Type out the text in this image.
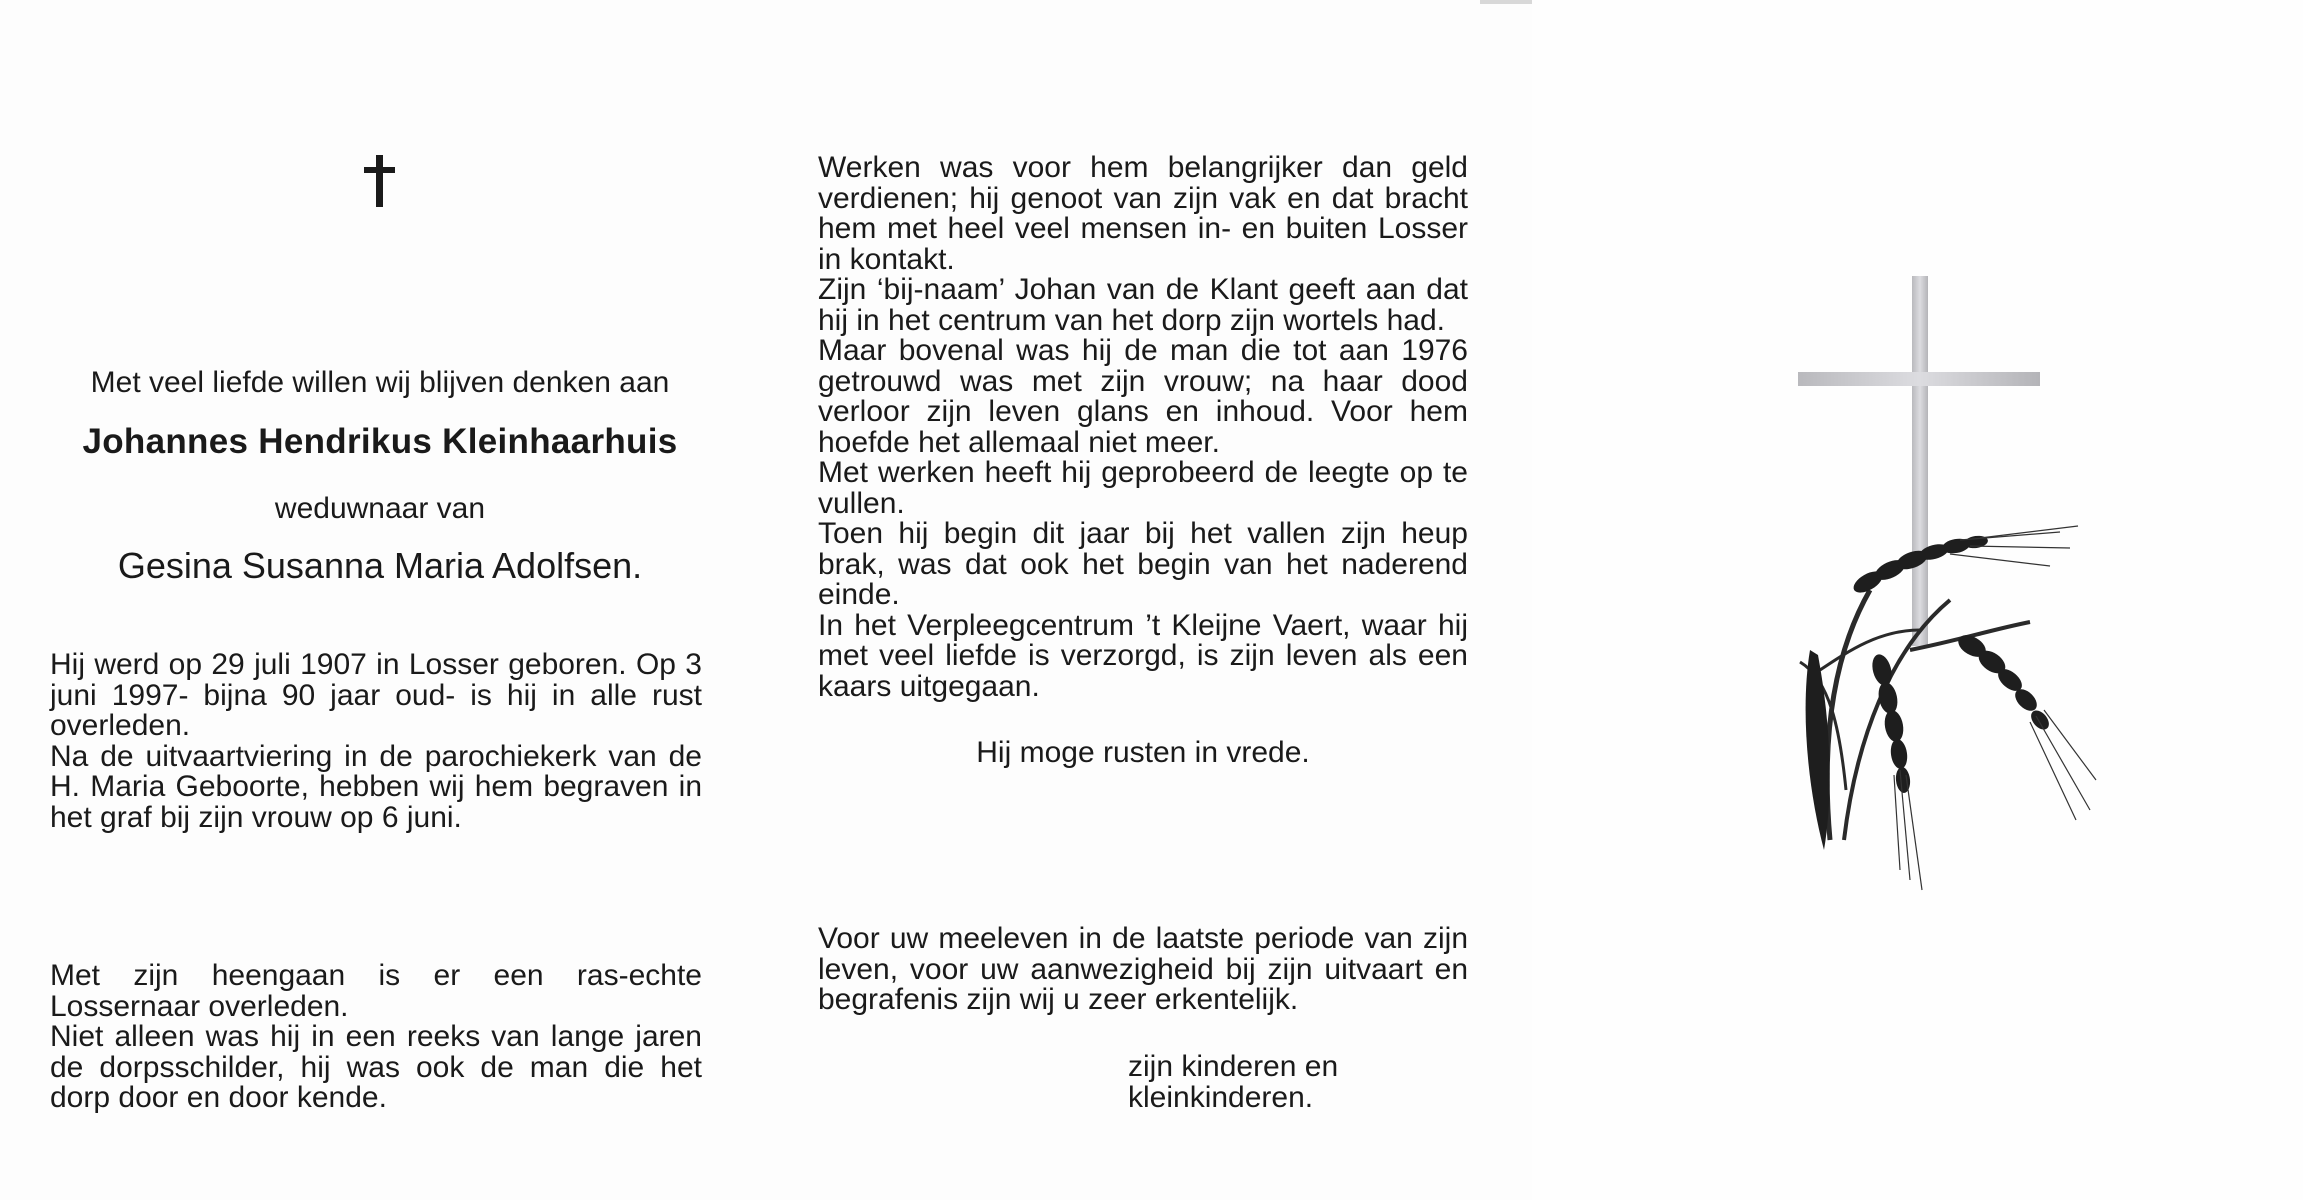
Met veel liefde willen wij blijven denken aan
Johannes Hendrikus Kleinhaarhuis
weduwnaar van
Gesina Susanna Maria Adolfsen.
Hij werd op 29 juli 1907 in Losser geboren. Op 3 juni 1997- bijna 90 jaar oud- is hij in alle rust overleden.
Na de uitvaartviering in de parochiekerk van de H. Maria Geboorte, hebben wij hem begraven in het graf bij zijn vrouw op 6 juni.
Met zijn heengaan is er een ras-echte Lossernaar overleden.
Niet alleen was hij in een reeks van lange jaren de dorpsschilder, hij was ook de man die het dorp door en door kende.
Werken was voor hem belangrijker dan geld verdienen; hij genoot van zijn vak en dat bracht hem met heel veel mensen in- en buiten Losser in kontakt.
Zijn ‘bij-naam’ Johan van de Klant geeft aan dat hij in het centrum van het dorp zijn wortels had.
Maar bovenal was hij de man die tot aan 1976 getrouwd was met zijn vrouw; na haar dood verloor zijn leven glans en inhoud. Voor hem hoefde het allemaal niet meer.
Met werken heeft hij geprobeerd de leegte op te vullen.
Toen hij begin dit jaar bij het vallen zijn heup brak, was dat ook het begin van het naderend einde.
In het Verpleegcentrum ’t Kleijne Vaert, waar hij met veel liefde is verzorgd, is zijn leven als een kaars uitgegaan.
Hij moge rusten in vrede.
Voor uw meeleven in de laatste periode van zijn leven, voor uw aanwezigheid bij zijn uitvaart en begrafenis zijn wij u zeer erkentelijk.
zijn kinderen en
kleinkinderen.
